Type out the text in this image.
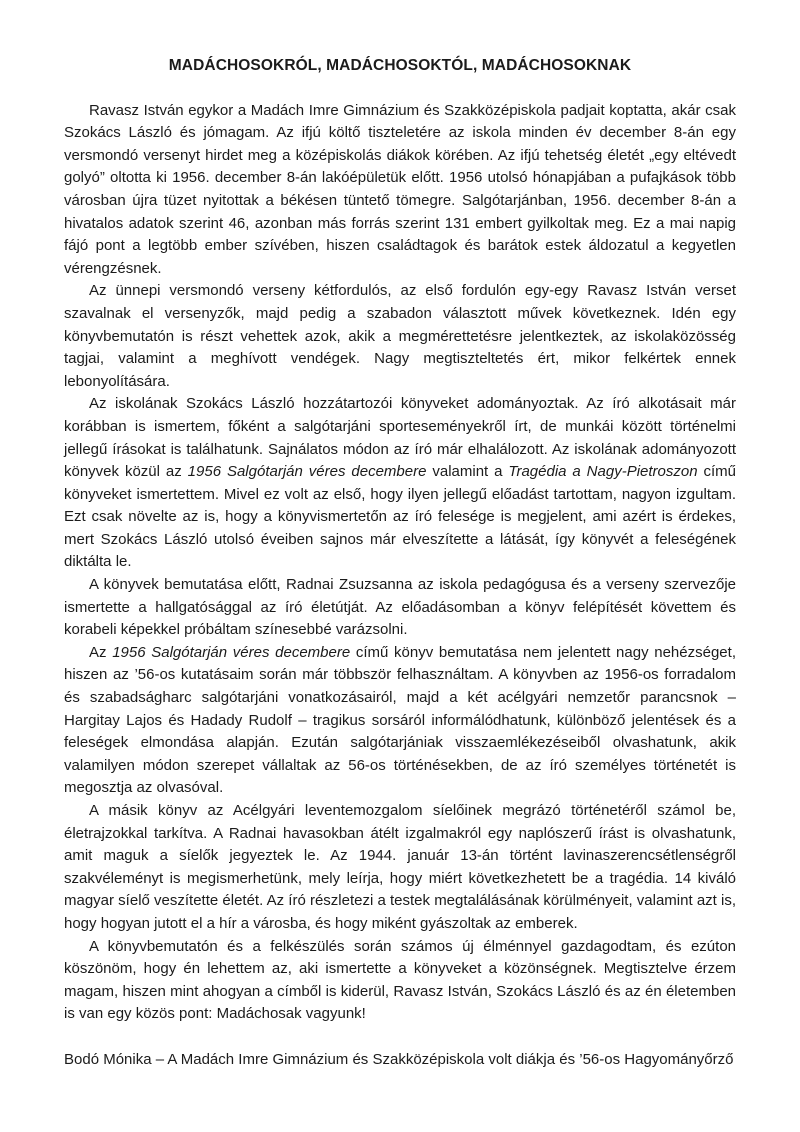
MADÁCHOSOKRÓL, MADÁCHOSOKTÓL, MADÁCHOSOKNAK

Ravasz István egykor a Madách Imre Gimnázium és Szakközépiskola padjait koptatta, akár csak Szokács László és jómagam. Az ifjú költő tiszteletére az iskola minden év december 8-án egy versmondó versenyt hirdet meg a középiskolás diákok körében. Az ifjú tehetség életét „egy eltévedt golyó” oltotta ki 1956. december 8-án lakóépületük előtt. 1956 utolsó hónapjában a pufajkások több városban újra tüzet nyitottak a békésen tüntető tömegre. Salgótarjánban, 1956. december 8-án a hivatalos adatok szerint 46, azonban más forrás szerint 131 embert gyilkoltak meg. Ez a mai napig fájó pont a legtöbb ember szívében, hiszen családtagok és barátok estek áldozatul a kegyetlen vérengzésnek.

Az ünnepi versmondó verseny kétfordulós, az első fordulón egy-egy Ravasz István verset szavalnak el versenyzők, majd pedig a szabadon választott művek következnek. Idén egy könyvbemutatón is részt vehettek azok, akik a megmérettetésre jelentkeztek, az iskolaközösség tagjai, valamint a meghívott vendégek. Nagy megtiszteltetés ért, mikor felkértek ennek lebonyolítására.

Az iskolának Szokács László hozzátartozói könyveket adományoztak. Az író alkotásait már korábban is ismertem, főként a salgótarjáni sporteseményekről írt, de munkái között történelmi jellegű írásokat is találhatunk. Sajnálatos módon az író már elhalálozott. Az iskolának adományozott könyvek közül az 1956 Salgótarján véres decembere valamint a Tragédia a Nagy-Pietroszon című könyveket ismertettem. Mivel ez volt az első, hogy ilyen jellegű előadást tartottam, nagyon izgultam. Ezt csak növelte az is, hogy a könyvismertetőn az író felesége is megjelent, ami azért is érdekes, mert Szokács László utolsó éveiben sajnos már elveszítette a látását, így könyvét a feleségének diktálta le.

A könyvek bemutatása előtt, Radnai Zsuzsanna az iskola pedagógusa és a verseny szervezője ismertette a hallgatósággal az író életútját. Az előadásomban a könyv felépítését követtem és korabeli képekkel próbáltam színesebbé varázsolni.

Az 1956 Salgótarján véres decembere című könyv bemutatása nem jelentett nagy nehézséget, hiszen az ’56-os kutatásaim során már többször felhasználtam. A könyvben az 1956-os forradalom és szabadságharc salgótarjáni vonatkozásairól, majd a két acélgyári nemzetőr parancsnok – Hargitay Lajos és Hadady Rudolf – tragikus sorsáról informálódhatunk, különböző jelentések és a feleségek elmondása alapján. Ezután salgótarjániak visszaemlékezéseiből olvashatunk, akik valamilyen módon szerepet vállaltak az 56-os történésekben, de az író személyes történetét is megosztja az olvasóval.

A másik könyv az Acélgyári leventemozgalom síelőinek megrázó történetéről számol be, életrajzokkal tarkítva. A Radnai havasokban átélt izgalmakról egy naplószerű írást is olvashatunk, amit maguk a síelők jegyeztek le. Az 1944. január 13-án történt lavinaszerencsétlenségről szakvéleményt is megismerhetünk, mely leírja, hogy miért következhetett be a tragédia. 14 kiváló magyar síelő veszítette életét. Az író részletezi a testek megtalálásának körülményeit, valamint azt is, hogy hogyan jutott el a hír a városba, és hogy miként gyászoltak az emberek.

A könyvbemutatón és a felkészülés során számos új élménnyel gazdagodtam, és ezúton köszönöm, hogy én lehettem az, aki ismertette a könyveket a közönségnek. Megtisztelve érzem magam, hiszen mint ahogyan a címből is kiderül, Ravasz István, Szokács László és az én életemben is van egy közös pont: Madáchosak vagyunk!

Bodó Mónika – A Madách Imre Gimnázium és Szakközépiskola volt diákja és ’56-os Hagyományőrző
